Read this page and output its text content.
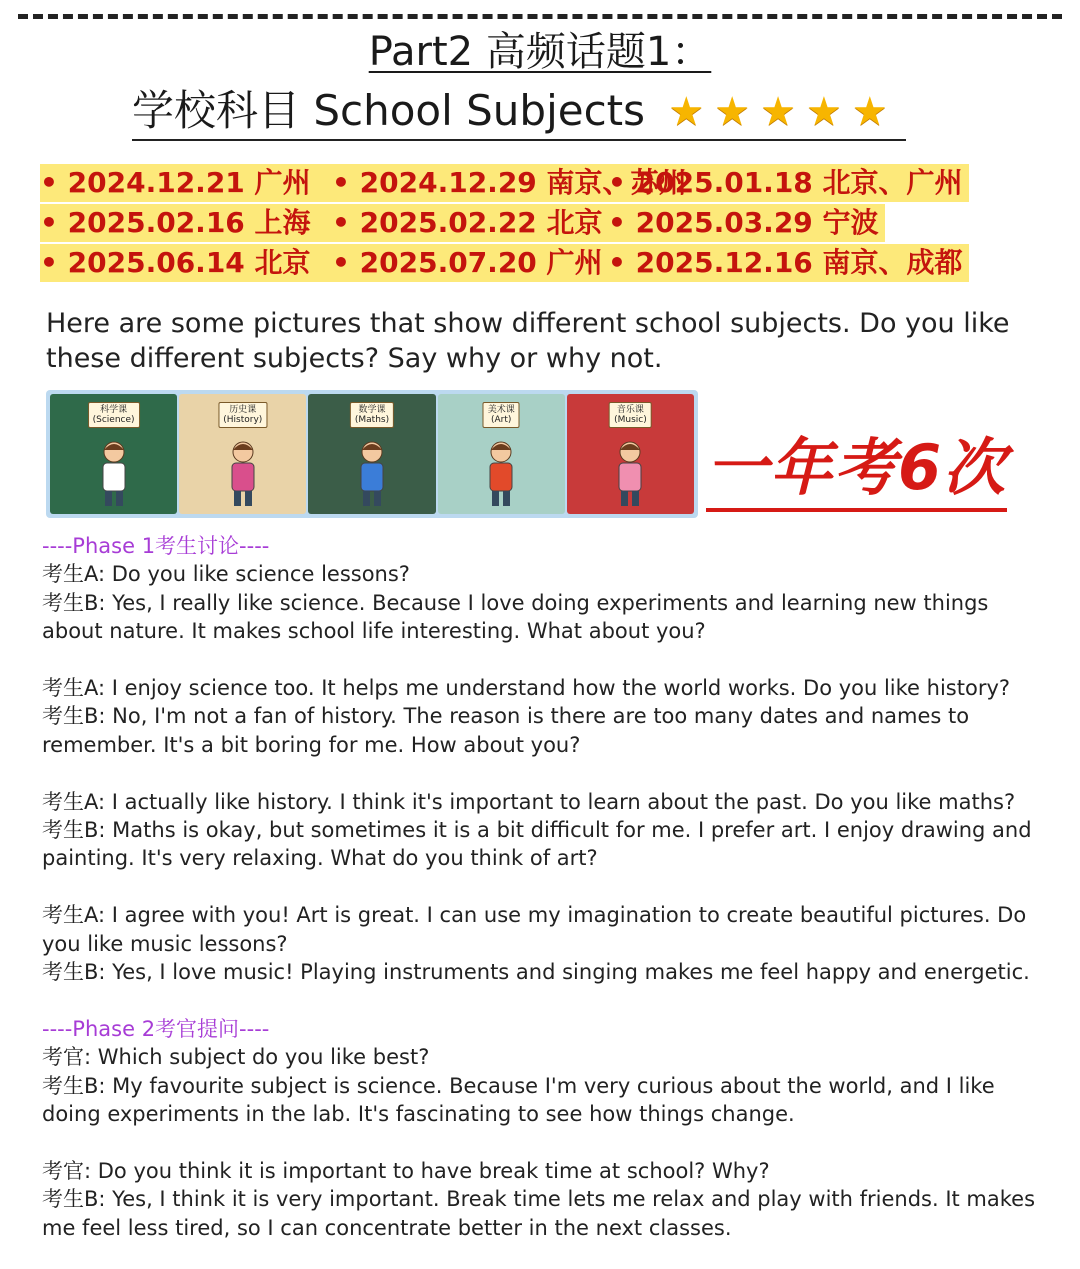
Part2 高频话题1：
学校科目 School Subjects ★★★★★
• 2024.12.21 广州 • 2024.12.29 南京、苏州• 2025.01.18 北京、广州
• 2025.02.16 上海 • 2025.02.22 北京 • 2025.03.29 宁波
• 2025.06.14 北京 • 2025.07.20 广州 • 2025.12.16 南京、成都

Here are some pictures that show different school subjects. Do you like these different subjects? Say why or why not.
科学课
(Science)
历史课
(History)
数学课
(Maths)
美术课
(Art)
音乐课
(Music)
一年考6次

----Phase 1考生讨论----

考生A: Do you like science lessons?

考生B: Yes, I really like science. Because I love doing experiments and learning new things about nature. It makes school life interesting. What about you?

考生A: I enjoy science too. It helps me understand how the world works. Do you like history?

考生B: No, I'm not a fan of history. The reason is there are too many dates and names to remember. It's a bit boring for me. How about you?

考生A: I actually like history. I think it's important to learn about the past. Do you like maths?

考生B: Maths is okay, but sometimes it is a bit difficult for me. I prefer art. I enjoy drawing and painting. It's very relaxing. What do you think of art?

考生A: I agree with you! Art is great. I can use my imagination to create beautiful pictures. Do you like music lessons?

考生B: Yes, I love music! Playing instruments and singing makes me feel happy and energetic.

----Phase 2考官提问----

考官: Which subject do you like best?

考生B: My favourite subject is science. Because I'm very curious about the world, and I like doing experiments in the lab. It's fascinating to see how things change.

考官: Do you think it is important to have break time at school? Why?

考生B: Yes, I think it is very important. Break time lets me relax and play with friends. It makes me feel less tired, so I can concentrate better in the next classes.
